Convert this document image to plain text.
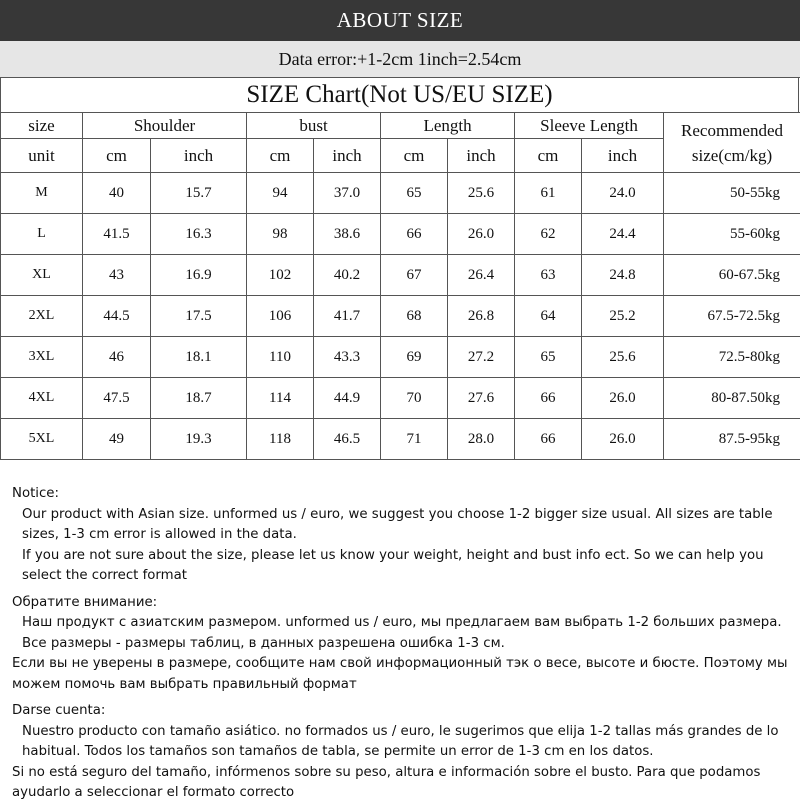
ABOUT SIZE
Data error:+1-2cm 1inch=2.54cm
SIZE Chart(Not US/EU SIZE)
size	Shoulder		bust		Length		Sleeve Length		Recommended
size(cm/kg)
unit	cm	inch	cm	inch	cm	inch	cm	inch	
M	40	15.7	94	37.0	65	25.6	61	24.0	50-55kg
L	41.5	16.3	98	38.6	66	26.0	62	24.4	55-60kg
XL	43	16.9	102	40.2	67	26.4	63	24.8	60-67.5kg
2XL	44.5	17.5	106	41.7	68	26.8	64	25.2	67.5-72.5kg
3XL	46	18.1	110	43.3	69	27.2	65	25.6	72.5-80kg
4XL	47.5	18.7	114	44.9	70	27.6	66	26.0	80-87.50kg
5XL	49	19.3	118	46.5	71	28.0	66	26.0	87.5-95kg
Notice:
Our product with Asian size. unformed us / euro, we suggest you choose 1-2 bigger size usual. All sizes are table sizes, 1-3 cm error is allowed in the data.
If you are not sure about the size, please let us know your weight, height and bust info ect. So we can help you select the correct format
Обратите внимание:
Наш продукт с азиатским размером. unformed us / euro, мы предлагаем вам выбрать 1-2 больших размера. Все размеры - размеры таблиц, в данных разрешена ошибка 1-3 см.
Если вы не уверены в размере, сообщите нам свой информационный тэк о весе, высоте и бюсте. Поэтому мы можем помочь вам выбрать правильный формат
Darse cuenta:
Nuestro producto con tamaño asiático. no formados us / euro, le sugerimos que elija 1-2 tallas más grandes de lo habitual. Todos los tamaños son tamaños de tabla, se permite un error de 1-3 cm en los datos.
Si no está seguro del tamaño, infórmenos sobre su peso, altura e información sobre el busto. Para que podamos ayudarlo a seleccionar el formato correcto
